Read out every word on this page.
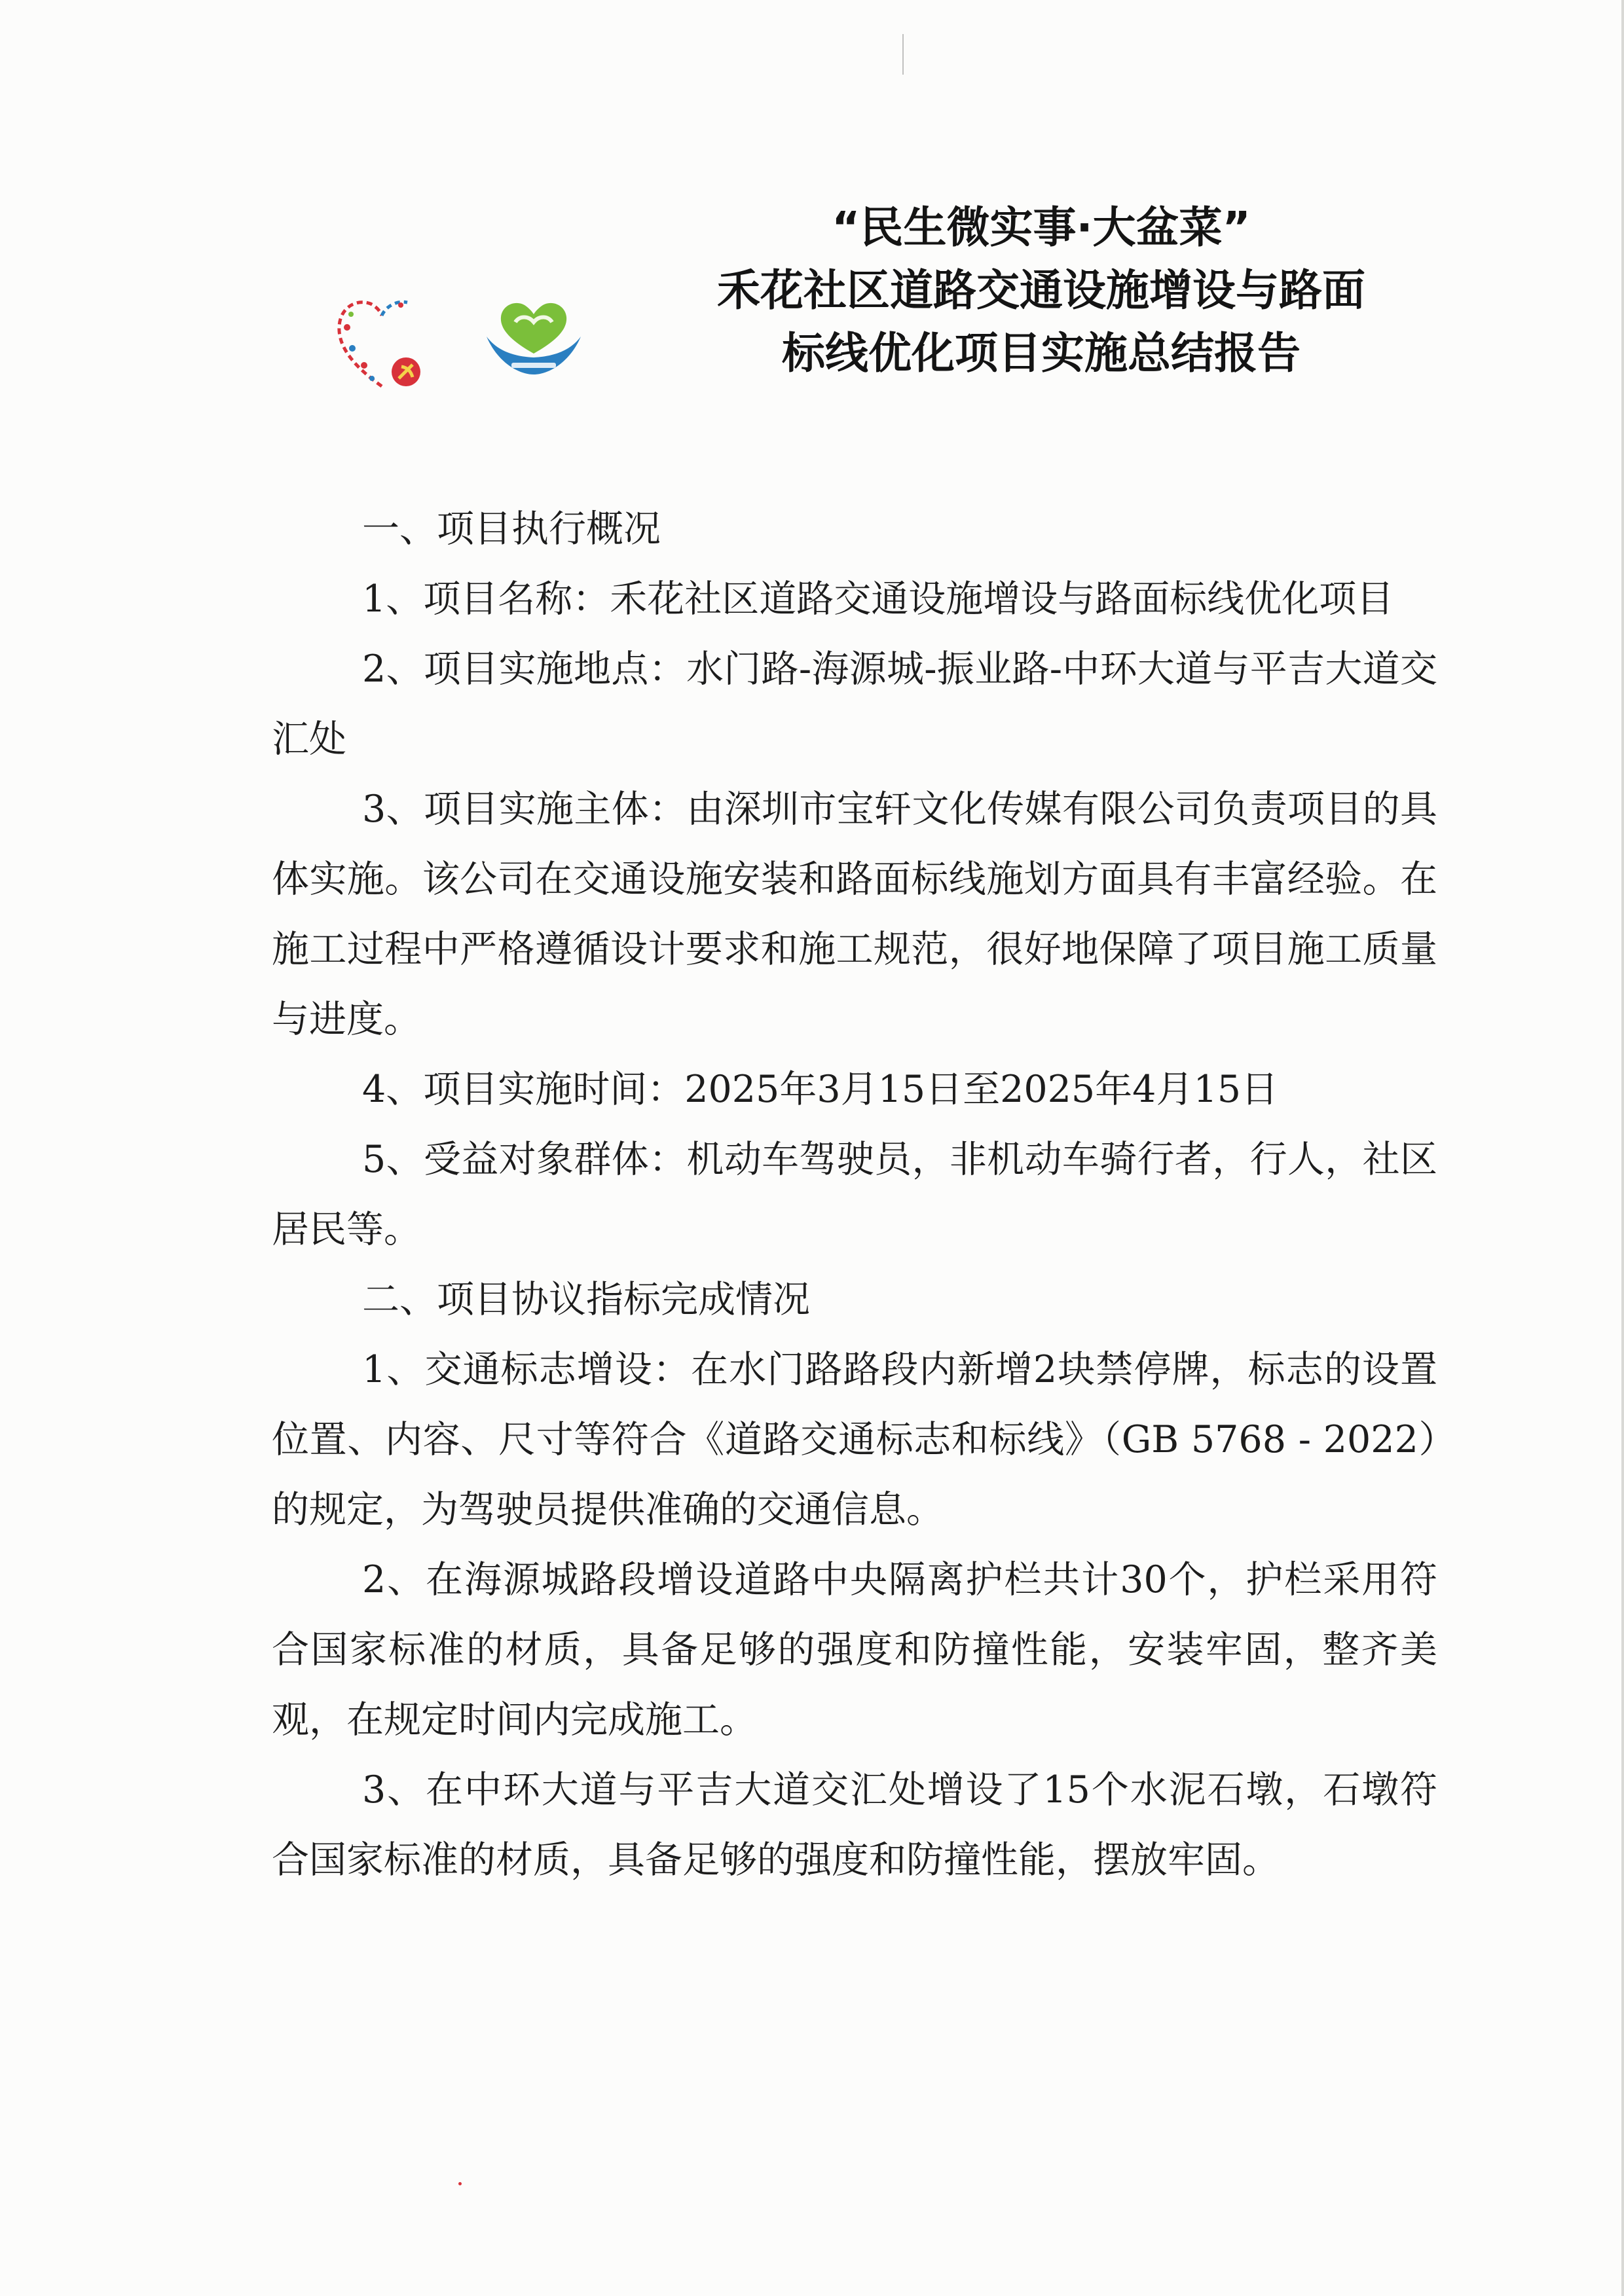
“民生微实事·大盆菜”
禾花社区道路交通设施增设与路面
标线优化项目实施总结报告

一、项目执行概况

1、项目名称：禾花社区道路交通设施增设与路面标线优化项目

2、项目实施地点：水门路-海源城-振业路-中环大道与平吉大道交汇处

3、项目实施主体：由深圳市宝轩文化传媒有限公司负责项目的具体实施。该公司在交通设施安装和路面标线施划方面具有丰富经验。在施工过程中严格遵循设计要求和施工规范，很好地保障了项目施工质量与进度。

4、项目实施时间：2025年3月15日至2025年4月15日

5、受益对象群体：机动车驾驶员，非机动车骑行者，行人，社区居民等。

二、项目协议指标完成情况

1、交通标志增设：在水门路路段内新增2块禁停牌，标志的设置位置、内容、尺寸等符合《道路交通标志和标线》（GB 5768 - 2022）的规定，为驾驶员提供准确的交通信息。

2、在海源城路段增设道路中央隔离护栏共计30个，护栏采用符合国家标准的材质，具备足够的强度和防撞性能，安装牢固，整齐美观，在规定时间内完成施工。

3、在中环大道与平吉大道交汇处增设了15个水泥石墩，石墩符合国家标准的材质，具备足够的强度和防撞性能，摆放牢固。
